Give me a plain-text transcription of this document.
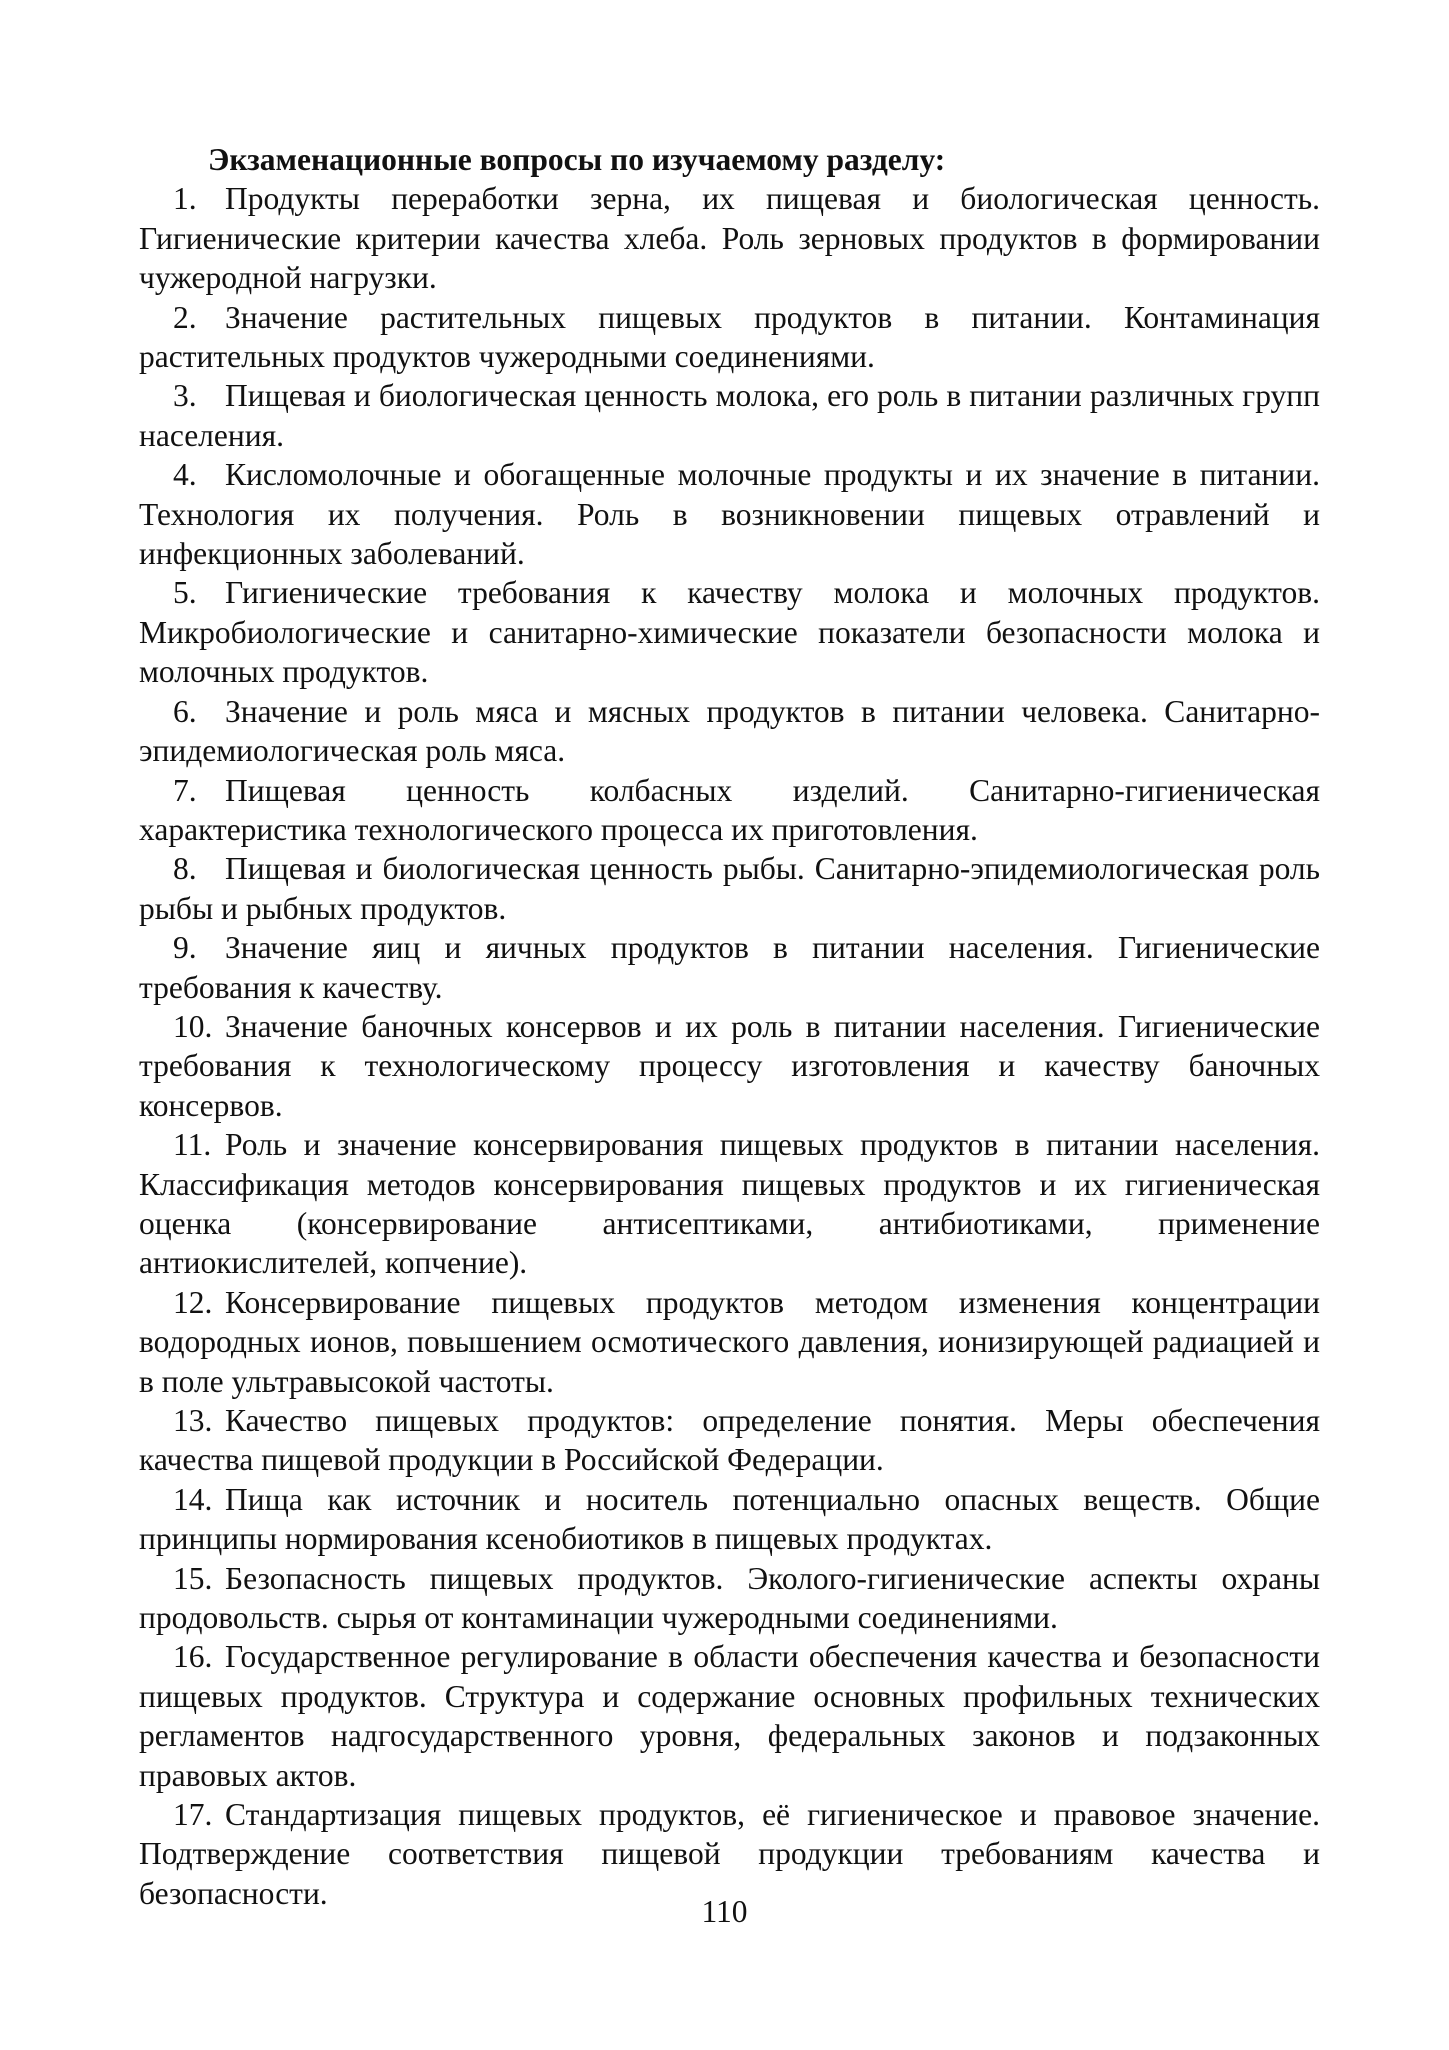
Экзаменационные вопросы по изучаемому разделу:

1. Продукты переработки зерна, их пищевая и биологическая ценность. Гигиенические критерии качества хлеба. Роль зерновых продуктов в формировании чужеродной нагрузки.
2. Значение растительных пищевых продуктов в питании. Контаминация растительных продуктов чужеродными соединениями.
3. Пищевая и биологическая ценность молока, его роль в питании различных групп населения.
4. Кисломолочные и обогащенные молочные продукты и их значение в питании. Технология их получения. Роль в возникновении пищевых отравлений и инфекционных заболеваний.
5. Гигиенические требования к качеству молока и молочных продуктов. Микробиологические и санитарно-химические показатели безопасности молока и молочных продуктов.
6. Значение и роль мяса и мясных продуктов в питании человека. Санитарно-эпидемиологическая роль мяса.
7. Пищевая ценность колбасных изделий. Санитарно-гигиеническая характеристика технологического процесса их приготовления.
8. Пищевая и биологическая ценность рыбы. Санитарно-эпидемиологическая роль рыбы и рыбных продуктов.
9. Значение яиц и яичных продуктов в питании населения. Гигиенические требования к качеству.
10. Значение баночных консервов и их роль в питании населения. Гигиенические требования к технологическому процессу изготовления и качеству баночных консервов.
11. Роль и значение консервирования пищевых продуктов в питании населения. Классификация методов консервирования пищевых продуктов и их гигиеническая оценка (консервирование антисептиками, антибиотиками, применение антиокислителей, копчение).
12. Консервирование пищевых продуктов методом изменения концентрации водородных ионов, повышением осмотического давления, ионизирующей радиацией и в поле ультравысокой частоты.
13. Качество пищевых продуктов: определение понятия. Меры обеспечения качества пищевой продукции в Российской Федерации.
14. Пища как источник и носитель потенциально опасных веществ. Общие принципы нормирования ксенобиотиков в пищевых продуктах.
15. Безопасность пищевых продуктов. Эколого-гигиенические аспекты охраны продовольств. сырья от контаминации чужеродными соединениями.
16. Государственное регулирование в области обеспечения качества и безопасности пищевых продуктов. Структура и содержание основных профильных технических регламентов надгосударственного уровня, федеральных законов и подзаконных правовых актов.
17. Стандартизация пищевых продуктов, её гигиеническое и правовое значение. Подтверждение соответствия пищевой продукции требованиям качества и безопасности.
110
